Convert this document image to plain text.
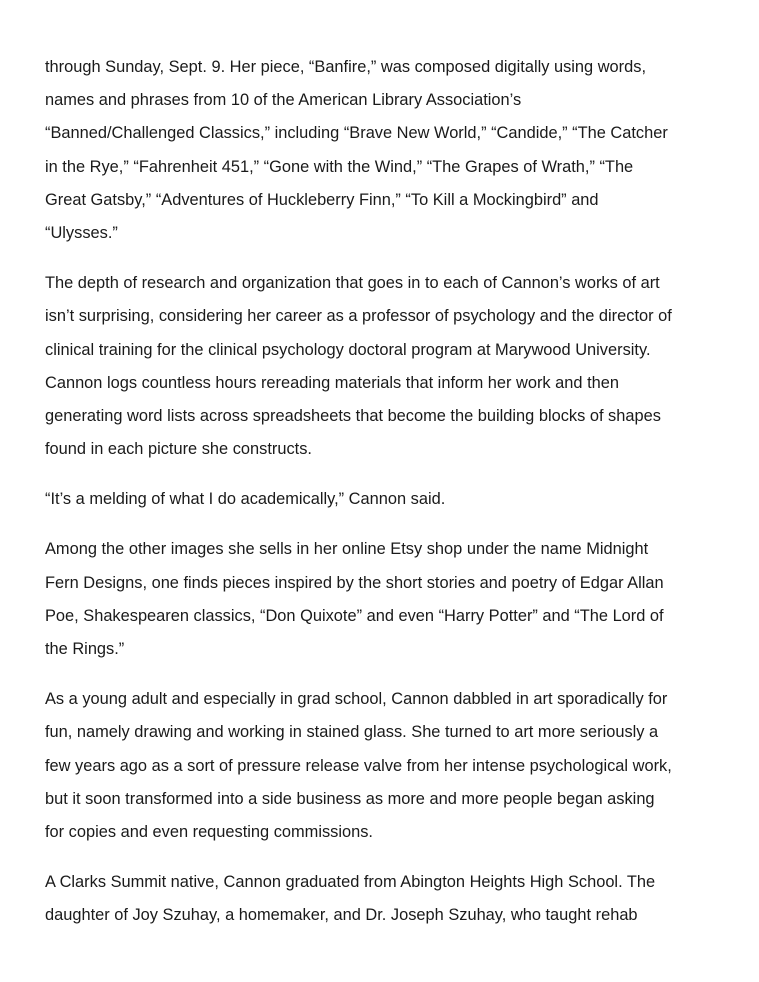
through Sunday, Sept. 9. Her piece, “Banfire,” was composed digitally using words,
names and phrases from 10 of the American Library Association’s
“Banned/Challenged Classics,” including “Brave New World,” “Candide,” “The Catcher
in the Rye,” “Fahrenheit 451,” “Gone with the Wind,” “The Grapes of Wrath,” “The
Great Gatsby,” “Adventures of Huckleberry Finn,” “To Kill a Mockingbird” and
“Ulysses.”

The depth of research and organization that goes in to each of Cannon’s works of art
isn’t surprising, considering her career as a professor of psychology and the director of
clinical training for the clinical psychology doctoral program at Marywood University.
Cannon logs countless hours rereading materials that inform her work and then
generating word lists across spreadsheets that become the building blocks of shapes
found in each picture she constructs.

“It’s a melding of what I do academically,” Cannon said.

Among the other images she sells in her online Etsy shop under the name Midnight
Fern Designs, one finds pieces inspired by the short stories and poetry of Edgar Allan
Poe, Shakespearen classics, “Don Quixote” and even “Harry Potter” and “The Lord of
the Rings.”

As a young adult and especially in grad school, Cannon dabbled in art sporadically for
fun, namely drawing and working in stained glass. She turned to art more seriously a
few years ago as a sort of pressure release valve from her intense psychological work,
but it soon transformed into a side business as more and more people began asking
for copies and even requesting commissions.

A Clarks Summit native, Cannon graduated from Abington Heights High School. The
daughter of Joy Szuhay, a homemaker, and Dr. Joseph Szuhay, who taught rehab
